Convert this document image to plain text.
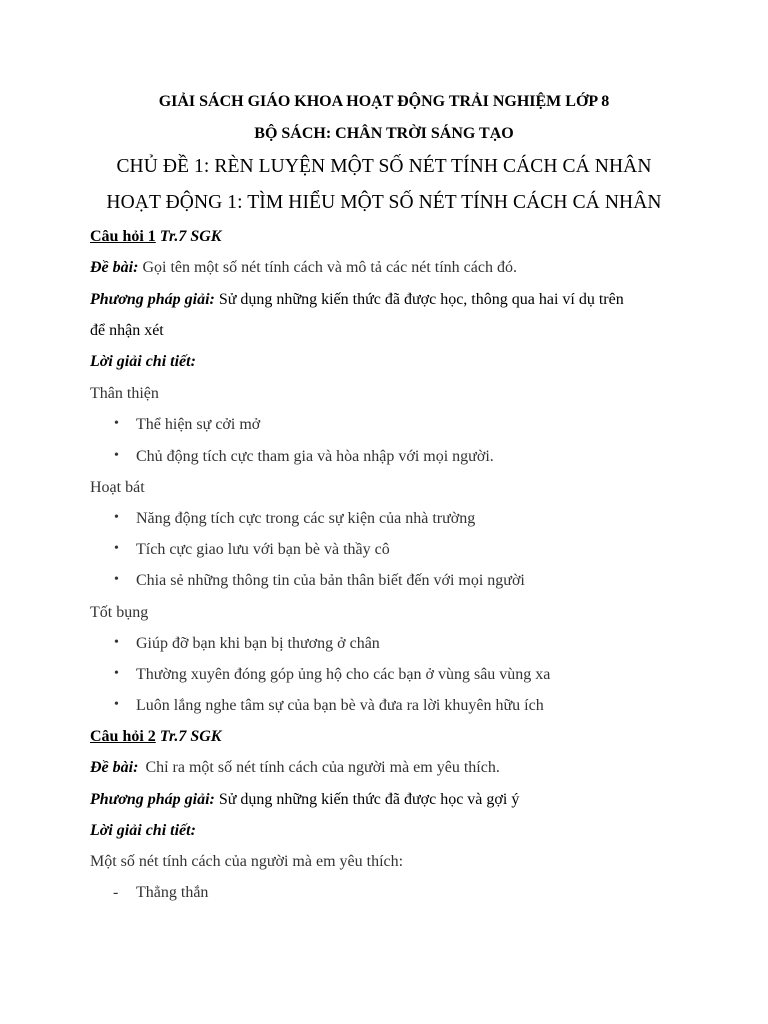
GIẢI SÁCH GIÁO KHOA HOẠT ĐỘNG TRẢI NGHIỆM LỚP 8
BỘ SÁCH: CHÂN TRỜI SÁNG TẠO
CHỦ ĐỀ 1: RÈN LUYỆN MỘT SỐ NÉT TÍNH CÁCH CÁ NHÂN
HOẠT ĐỘNG 1: TÌM HIỂU MỘT SỐ NÉT TÍNH CÁCH CÁ NHÂN
Câu hỏi 1 Tr.7 SGK
Đề bài: Gọi tên một số nét tính cách và mô tả các nét tính cách đó.
Phương pháp giải: Sử dụng những kiến thức đã được học, thông qua hai ví dụ trên
để nhận xét
Lời giải chi tiết:
Thân thiện
• Thể hiện sự cởi mở
• Chủ động tích cực tham gia và hòa nhập với mọi người.
Hoạt bát
• Năng động tích cực trong các sự kiện của nhà trường
• Tích cực giao lưu với bạn bè và thầy cô
• Chia sẻ những thông tin của bản thân biết đến với mọi người
Tốt bụng
• Giúp đỡ bạn khi bạn bị thương ở chân
• Thường xuyên đóng góp ủng hộ cho các bạn ở vùng sâu vùng xa
• Luôn lắng nghe tâm sự của bạn bè và đưa ra lời khuyên hữu ích
Câu hỏi 2 Tr.7 SGK
Đề bài: Chỉ ra một số nét tính cách của người mà em yêu thích.
Phương pháp giải: Sử dụng những kiến thức đã được học và gợi ý
Lời giải chi tiết:
Một số nét tính cách của người mà em yêu thích:
- Thẳng thắn
